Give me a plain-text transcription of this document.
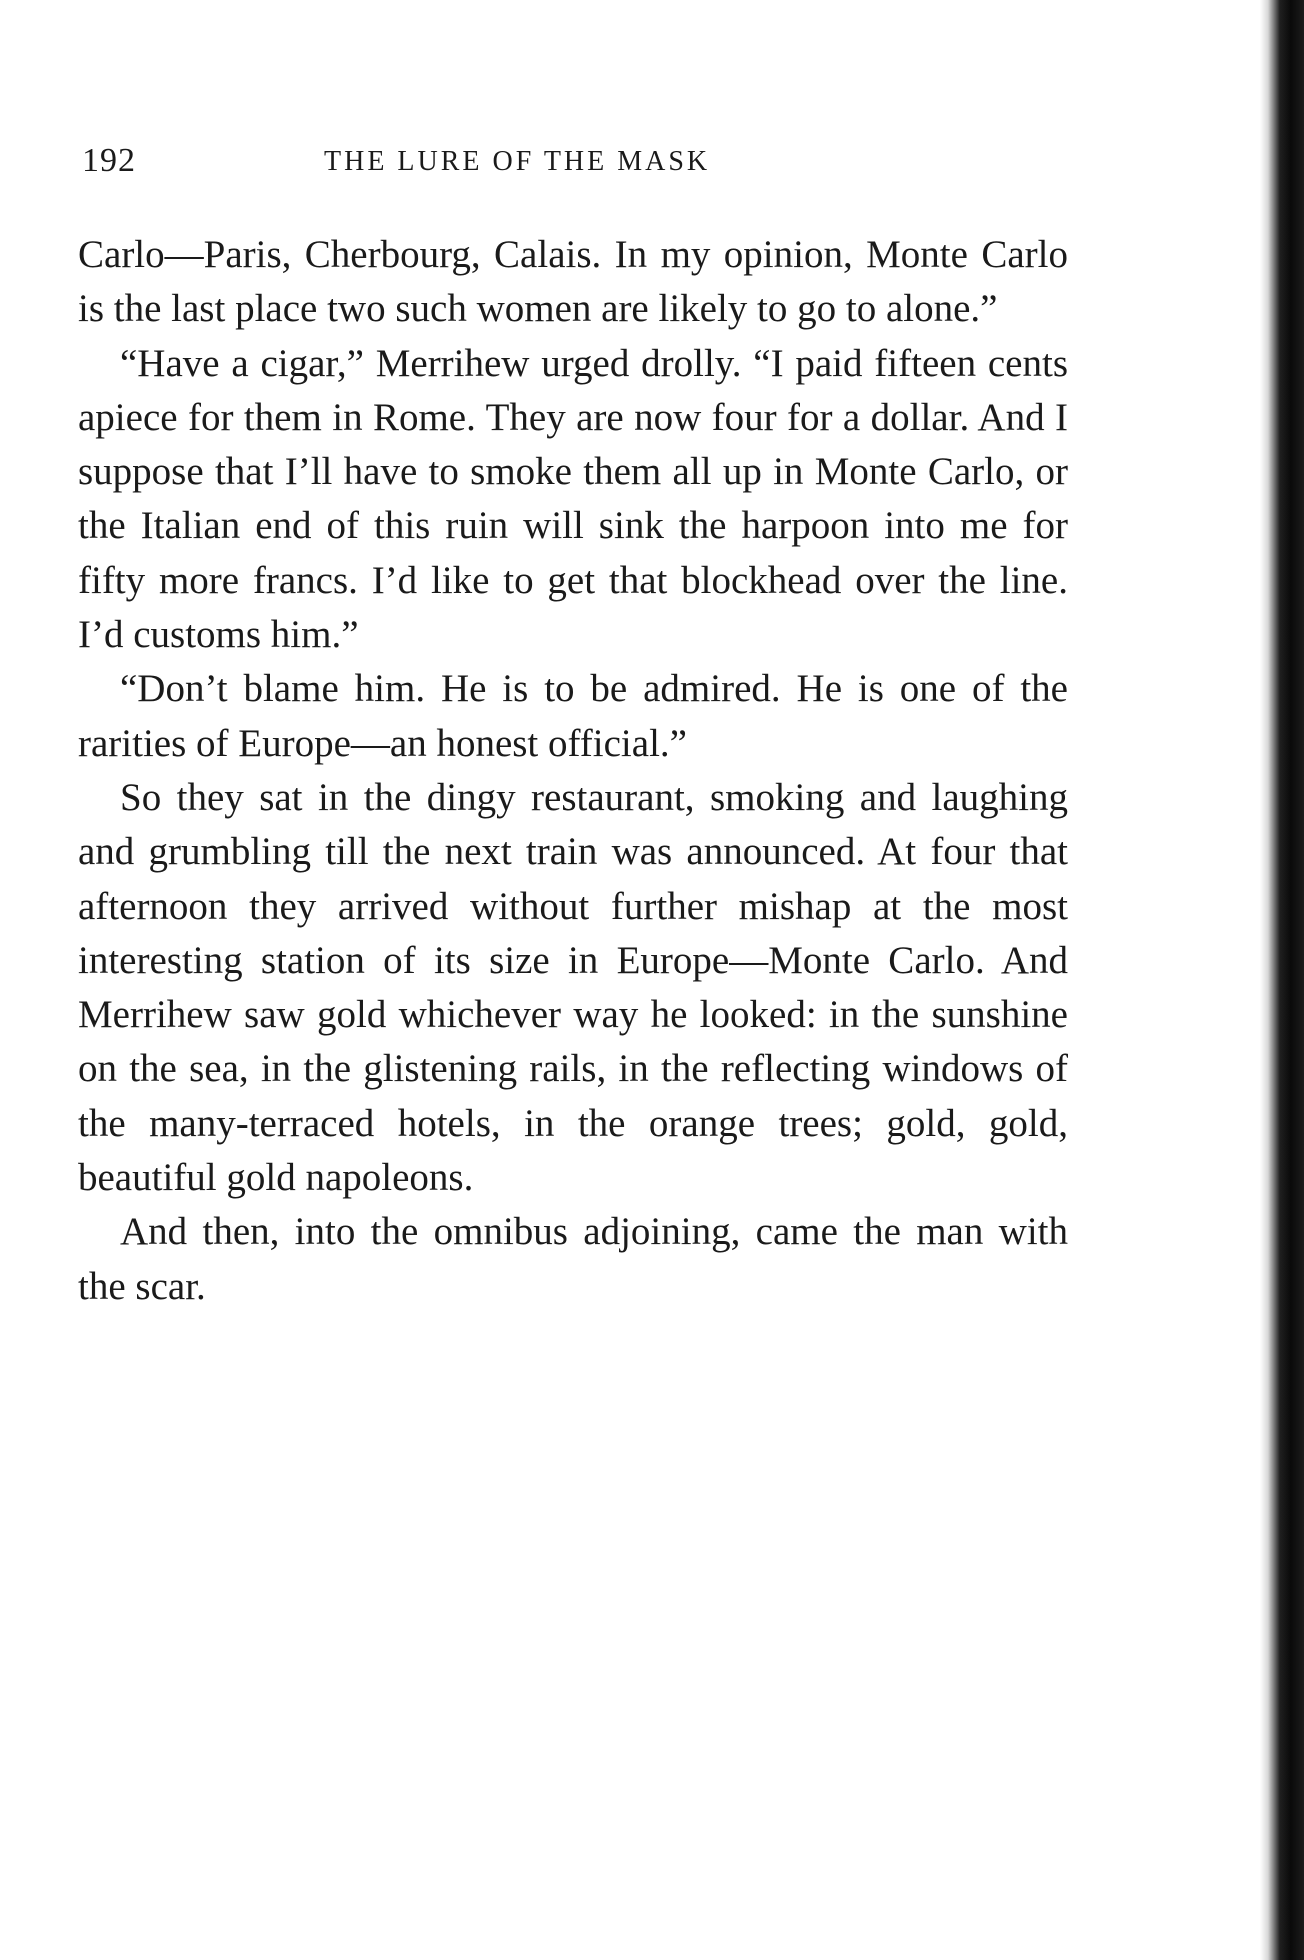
192	THE LURE OF THE MASK

Carlo—Paris, Cherbourg, Calais. In my opinion, Monte Carlo is the last place two such women are likely to go to alone.”

“Have a cigar,” Merrihew urged drolly. “I paid fifteen cents apiece for them in Rome. They are now four for a dollar. And I suppose that I’ll have to smoke them all up in Monte Carlo, or the Italian end of this ruin will sink the harpoon into me for fifty more francs. I’d like to get that blockhead over the line. I’d customs him.”

“Don’t blame him. He is to be admired. He is one of the rarities of Europe—an honest official.”

So they sat in the dingy restaurant, smoking and laughing and grumbling till the next train was announced. At four that afternoon they arrived without further mishap at the most interesting station of its size in Europe—Monte Carlo. And Merrihew saw gold whichever way he looked: in the sunshine on the sea, in the glistening rails, in the reflecting windows of the many-terraced hotels, in the orange trees; gold, gold, beautiful gold napoleons.

And then, into the omnibus adjoining, came the man with the scar.
